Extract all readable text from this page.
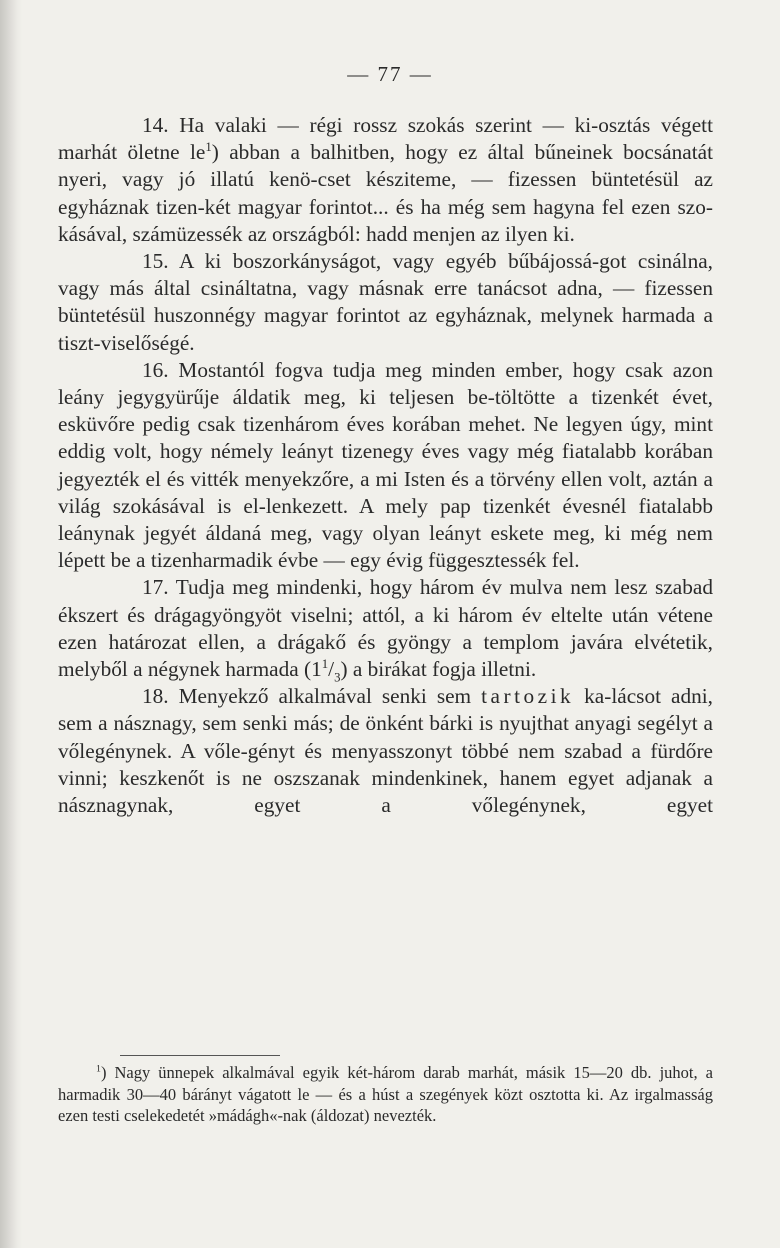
— 77 —

14. Ha valaki — régi rossz szokás szerint — ki-osztás végett marhát öletne $le^1$) abban a balhitben, hogy ez által bűneinek bocsánatát nyeri, vagy jó illatú kenö-cset késziteme, — fizessen büntetésül az egyháznak tizen-két magyar forintot... és ha még sem hagyna fel ezen szo-kásával, számüzessék az országból: hadd menjen az ilyen ki.

15. A ki boszorkányságot, vagy egyéb bűbájossá-got csinálna, vagy más által csináltatna, vagy másnak erre tanácsot adna, — fizessen büntetésül huszonnégy magyar forintot az egyháznak, melynek harmada a tiszt-viselőségé.

16. Mostantól fogva tudja meg minden ember, hogy csak azon leány jegygyürűje áldatik meg, ki teljesen be-töltötte a tizenkét évet, esküvőre pedig csak tizenhárom éves korában mehet. Ne legyen úgy, mint eddig volt, hogy némely leányt tizenegy éves vagy még fiatalabb korában jegyezték el és vitték menyekzőre, a mi Isten és a törvény ellen volt, aztán a világ szokásával is el-lenkezett. A mely pap tizenkét évesnél fiatalabb leánynak jegyét áldaná meg, vagy olyan leányt eskete meg, ki még nem lépett be a tizenharmadik évbe — egy évig függesztessék fel.

17. Tudja meg mindenki, hogy három év mulva nem lesz szabad ékszert és drágagyöngyöt viselni; attól, a ki három év eltelte után vétene ezen határozat ellen, a drágakő és gyöngy a templom javára elvétetik, melyből a négynek harmada $(1^1/_3)$ a birákat fogja illetni.

18. Menyekző alkalmával senki sem tartozik ka-lácsot adni, sem a násznagy, sem senki más; de önként bárki is nyujthat anyagi segélyt a vőlegénynek. A vőle-gényt és menyasszonyt többé nem szabad a fürdőre vinni; keszkenőt is ne oszszanak mindenkinek, hanem egyet adjanak a násznagynak, egyet a vőlegénynek, egyet

$^1$) Nagy ünnepek alkalmával egyik két-három darab marhát, másik 15—20 db. juhot, a harmadik 30—40 bárányt vágatott le — és a húst a szegények közt osztotta ki. Az irgalmasság ezen testi cselekedetét »mádágh«-nak (áldozat) nevezték.
